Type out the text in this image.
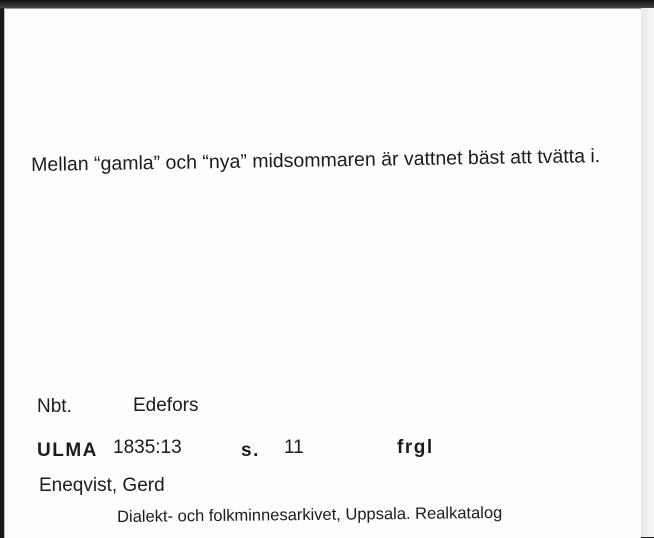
Mellan “gamla” och “nya” midsommaren är vattnet bäst att tvätta i.
Nbt.	Edefors
ULMA 1835:13	s. 11	frgl
Eneqvist, Gerd
Dialekt- och folkminnesarkivet, Uppsala. Realkatalog
